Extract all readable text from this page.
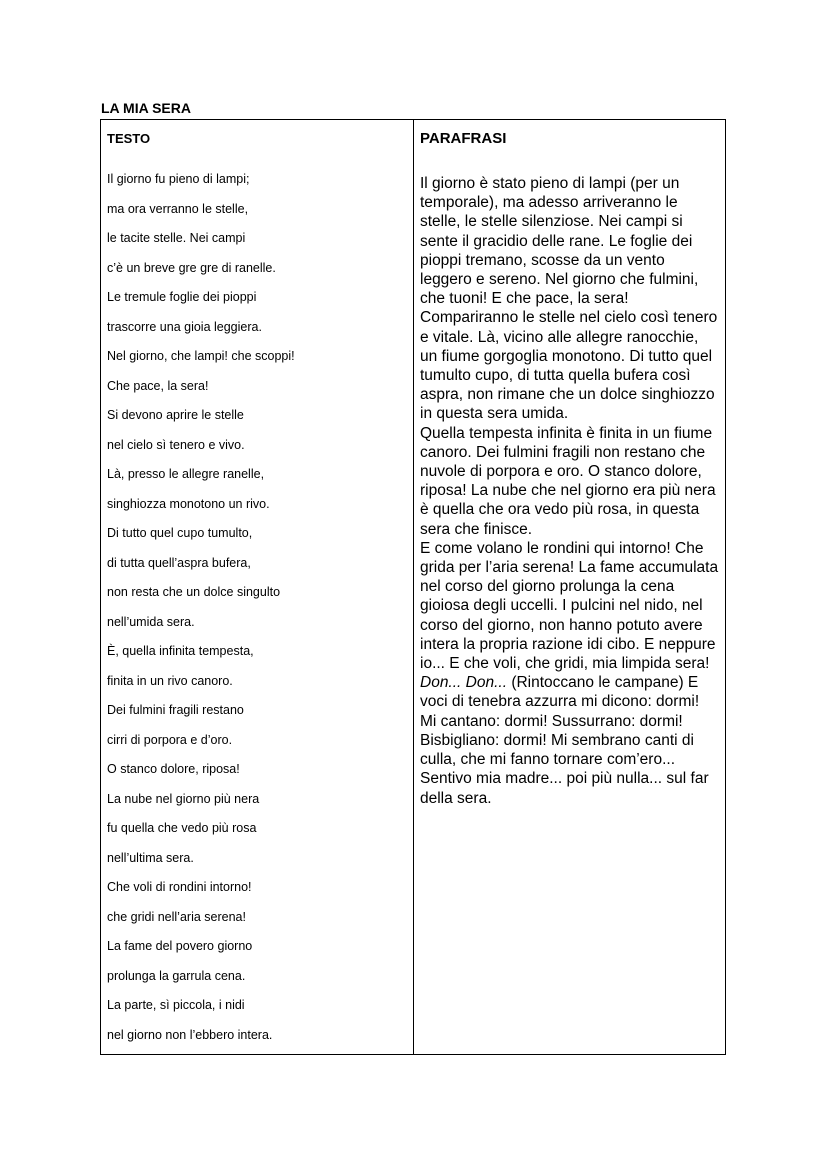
LA MIA SERA
TESTO
Il giorno fu pieno di lampi;
ma ora verranno le stelle,
le tacite stelle. Nei campi
c’è un breve gre gre di ranelle.
Le tremule foglie dei pioppi
trascorre una gioia leggiera.
Nel giorno, che lampi! che scoppi!
Che pace, la sera!
Si devono aprire le stelle
nel cielo sì tenero e vivo.
Là, presso le allegre ranelle,
singhiozza monotono un rivo.
Di tutto quel cupo tumulto,
di tutta quell’aspra bufera,
non resta che un dolce singulto
nell’umida sera.
È, quella infinita tempesta,
finita in un rivo canoro.
Dei fulmini fragili restano
cirri di porpora e d’oro.
O stanco dolore, riposa!
La nube nel giorno più nera
fu quella che vedo più rosa
nell’ultima sera.
Che voli di rondini intorno!
che gridi nell’aria serena!
La fame del povero giorno
prolunga la garrula cena.
La parte, sì piccola, i nidi
nel giorno non l’ebbero intera.
PARAFRASI

Il giorno è stato pieno di lampi (per un temporale), ma adesso arriveranno le stelle, le stelle silenziose. Nei campi si sente il gracidio delle rane. Le foglie dei pioppi tremano, scosse da un vento leggero e sereno. Nel giorno che fulmini, che tuoni! E che pace, la sera! Compariranno le stelle nel cielo così tenero e vitale. Là, vicino alle allegre ranocchie, un fiume gorgoglia monotono. Di tutto quel tumulto cupo, di tutta quella bufera così aspra, non rimane che un dolce singhiozzo in questa sera umida.
Quella tempesta infinita è finita in un fiume canoro. Dei fulmini fragili non restano che nuvole di porpora e oro. O stanco dolore, riposa! La nube che nel giorno era più nera è quella che ora vedo più rosa, in questa sera che finisce.
E come volano le rondini qui intorno! Che grida per l’aria serena! La fame accumulata nel corso del giorno prolunga la cena gioiosa degli uccelli. I pulcini nel nido, nel corso del giorno, non hanno potuto avere intera la propria razione idi cibo. E neppure io... E che voli, che gridi, mia limpida sera!
Don... Don... (Rintoccano le campane) E voci di tenebra azzurra mi dicono: dormi! Mi cantano: dormi! Sussurrano: dormi! Bisbigliano: dormi! Mi sembrano canti di culla, che mi fanno tornare com’ero... Sentivo mia madre... poi più nulla... sul far della sera.
